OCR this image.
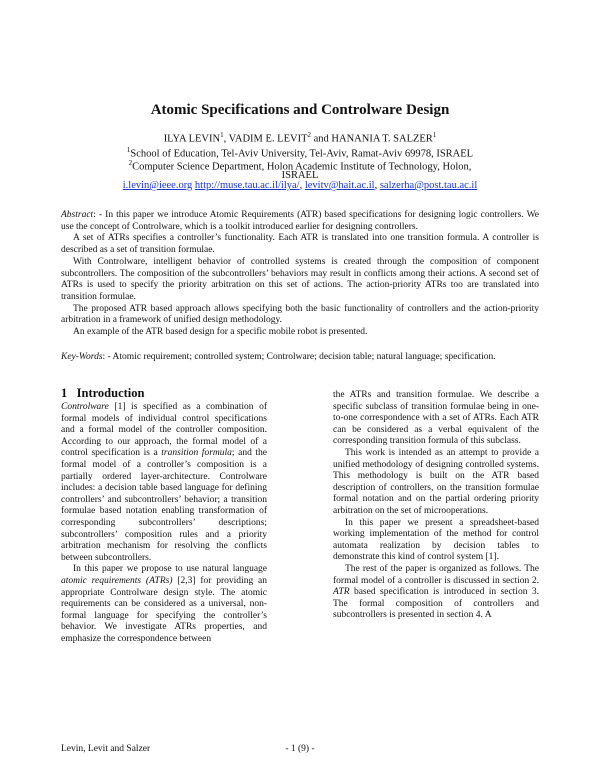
Atomic Specifications and Controlware Design
ILYA LEVIN$^1$, VADIM E. LEVIT$^2$ and HANANIA T. SALZER$^1$
$^1$School of Education, Tel-Aviv University, Tel-Aviv, Ramat-Aviv 69978, ISRAEL
$^2$Computer Science Department, Holon Academic Institute of Technology, Holon,
ISRAEL
i.levin@ieee.org http://muse.tau.ac.il/ilya/, levitv@hait.ac.il, salzerha@post.tau.ac.il
Abstract: - In this paper we introduce Atomic Requirements (ATR) based specifications for designing logic controllers. We use the concept of Controlware, which is a toolkit introduced earlier for designing controllers.
A set of ATRs specifies a controller’s functionality. Each ATR is translated into one transition formula. A controller is described as a set of transition formulae.
With Controlware, intelligent behavior of controlled systems is created through the composition of component subcontrollers. The composition of the subcontrollers’ behaviors may result in conflicts among their actions. A second set of ATRs is used to specify the priority arbitration on this set of actions. The action-priority ATRs too are translated into transition formulae.
The proposed ATR based approach allows specifying both the basic functionality of controllers and the action-priority arbitration in a framework of unified design methodology.
An example of the ATR based design for a specific mobile robot is presented.
Key-Words: - Atomic requirement; controlled system; Controlware; decision table; natural language; specification.
1 Introduction

Controlware [1] is specified as a combination of formal models of individual control specifications and a formal model of the controller composition. According to our approach, the formal model of a control specification is a transition formula; and the formal model of a controller’s composition is a partially ordered layer-architecture. Controlware includes: a decision table based language for defining controllers’ and subcontrollers’ behavior; a transition formulae based notation enabling transformation of corresponding subcontrollers’ descriptions; subcontrollers’ composition rules and a priority arbitration mechanism for resolving the conflicts between subcontrollers.

In this paper we propose to use natural language atomic requirements (ATRs) [2,3] for providing an appropriate Controlware design style. The atomic requirements can be considered as a universal, non-formal language for specifying the controller’s behavior. We investigate ATRs properties, and emphasize the correspondence between

the ATRs and transition formulae. We describe a specific subclass of transition formulae being in one-to-one correspondence with a set of ATRs. Each ATR can be considered as a verbal equivalent of the corresponding transition formula of this subclass.

This work is intended as an attempt to provide a unified methodology of designing controlled systems. This methodology is built on the ATR based description of controllers, on the transition formulae formal notation and on the partial ordering priority arbitration on the set of microoperations.

In this paper we present a spreadsheet-based working implementation of the method for control automata realization by decision tables to demonstrate this kind of control system [1].

The rest of the paper is organized as follows. The formal model of a controller is discussed in section 2. ATR based specification is introduced in section 3. The formal composition of controllers and subcontrollers is presented in section 4. A

Levin, Levit and Salzer	- 1 (9) -
